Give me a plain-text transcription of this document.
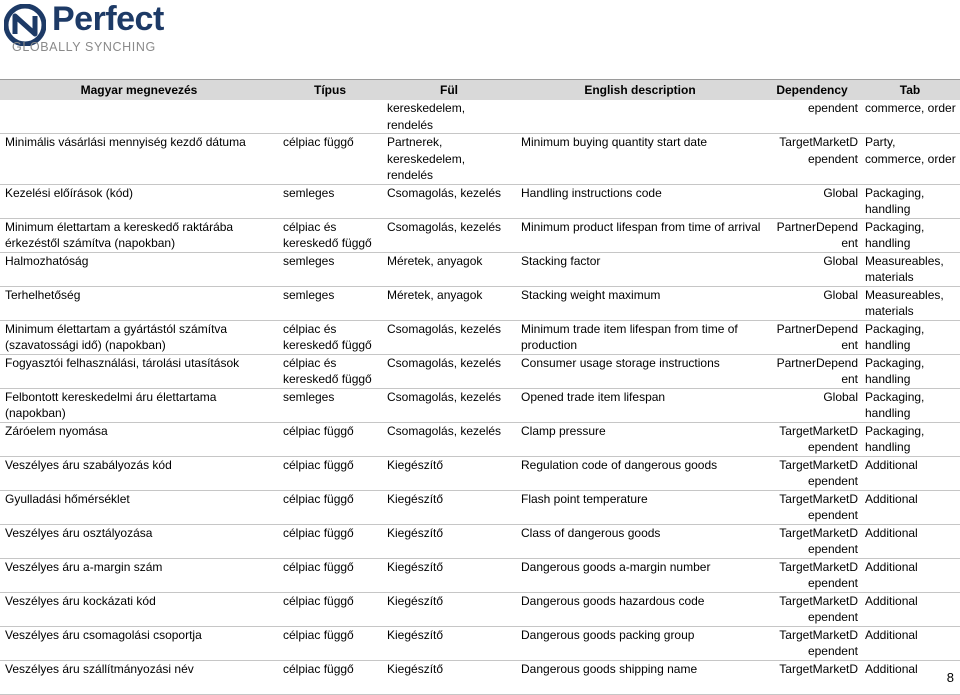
Perfect
GLOBALLY SYNCHING
Magyar megnevezés	Típus	Fül	English description	Dependency	Tab
		kereskedelem, rendelés		ependent	commerce, order
Minimális vásárlási mennyiség kezdő dátuma	célpiac függő	Partnerek, kereskedelem, rendelés	Minimum buying quantity start date	TargetMarketD ependent	Party, commerce, order
Kezelési előírások (kód)	semleges	Csomagolás, kezelés	Handling instructions code	Global	Packaging, handling
Minimum élettartam a kereskedő raktárába érkezéstől számítva (napokban)	célpiac és kereskedő függő	Csomagolás, kezelés	Minimum product lifespan from time of arrival	PartnerDepend ent	Packaging, handling
Halmozhatóság	semleges	Méretek, anyagok	Stacking factor	Global	Measureables, materials
Terhelhetőség	semleges	Méretek, anyagok	Stacking weight maximum	Global	Measureables, materials
Minimum élettartam a gyártástól számítva (szavatossági idő) (napokban)	célpiac és kereskedő függő	Csomagolás, kezelés	Minimum trade item lifespan from time of production	PartnerDepend ent	Packaging, handling
Fogyasztói felhasználási, tárolási utasítások	célpiac és kereskedő függő	Csomagolás, kezelés	Consumer usage storage instructions	PartnerDepend ent	Packaging, handling
Felbontott kereskedelmi áru élettartama (napokban)	semleges	Csomagolás, kezelés	Opened trade item lifespan	Global	Packaging, handling
Záróelem nyomása	célpiac függő	Csomagolás, kezelés	Clamp pressure	TargetMarketD ependent	Packaging, handling
Veszélyes áru szabályozás kód	célpiac függő	Kiegészítő	Regulation code of dangerous goods	TargetMarketD ependent	Additional
Gyulladási hőmérséklet	célpiac függő	Kiegészítő	Flash point temperature	TargetMarketD ependent	Additional
Veszélyes áru osztályozása	célpiac függő	Kiegészítő	Class of dangerous goods	TargetMarketD ependent	Additional
Veszélyes áru a-margin szám	célpiac függő	Kiegészítő	Dangerous goods a-margin number	TargetMarketD ependent	Additional
Veszélyes áru kockázati kód	célpiac függő	Kiegészítő	Dangerous goods hazardous code	TargetMarketD ependent	Additional
Veszélyes áru csomagolási csoportja	célpiac függő	Kiegészítő	Dangerous goods packing group	TargetMarketD ependent	Additional
Veszélyes áru szállítmányozási név	célpiac függő	Kiegészítő	Dangerous goods shipping name	TargetMarketD	Additional
8
